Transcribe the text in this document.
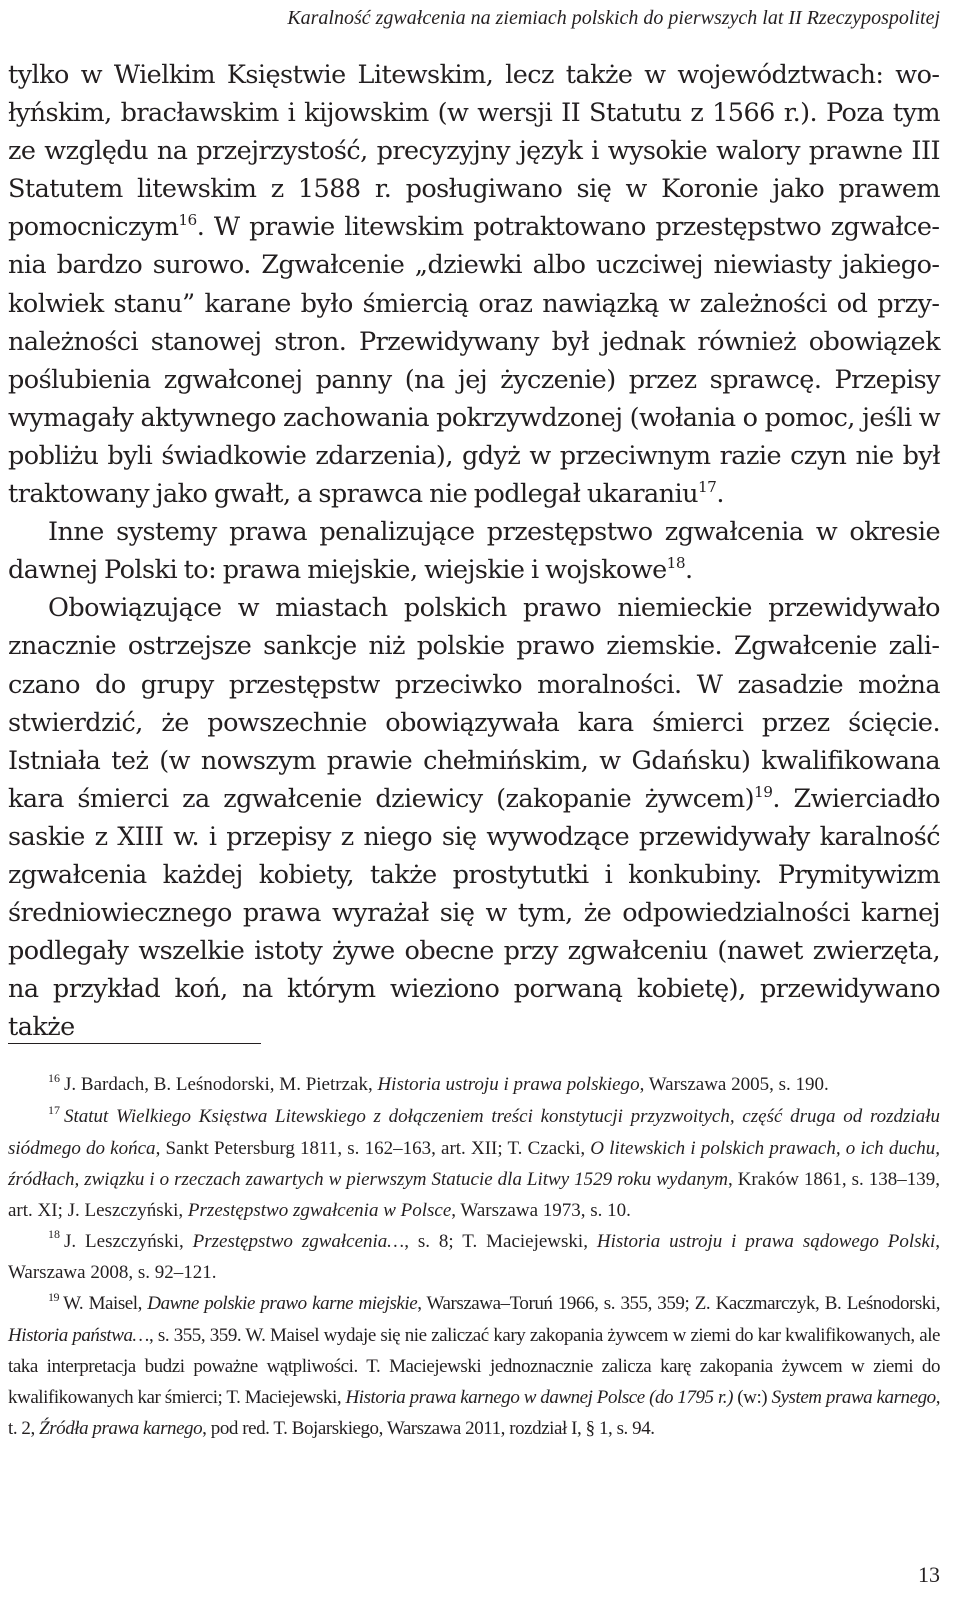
Karalność zgwałcenia na ziemiach polskich do pierwszych lat II Rzeczypospolitej

tylko w Wielkim Księstwie Litewskim, lecz także w województwach: wołyńskim, bracławskim i kijowskim (w wersji II Statutu z 1566 r.). Poza tym ze względu na przejrzystość, precyzyjny język i wysokie walory prawne III Statutem litewskim z 1588 r. posługiwano się w Koronie jako prawem pomocniczym$^{16}$. W prawie litewskim potraktowano przestępstwo zgwałcenia bardzo surowo. Zgwałcenie „dziewki albo uczciwej niewiasty jakiegokolwiek stanu” karane było śmiercią oraz nawiązką w zależności od przynależności stanowej stron. Przewidywany był jednak również obowiązek poślubienia zgwałconej panny (na jej życzenie) przez sprawcę. Przepisy wymagały aktywnego zachowania pokrzywdzonej (wołania o pomoc, jeśli w pobliżu byli świadkowie zdarzenia), gdyż w przeciwnym razie czyn nie był traktowany jako gwałt, a sprawca nie podlegał ukaraniu$^{17}$.

Inne systemy prawa penalizujące przestępstwo zgwałcenia w okresie dawnej Polski to: prawa miejskie, wiejskie i wojskowe$^{18}$.

Obowiązujące w miastach polskich prawo niemieckie przewidywało znacznie ostrzejsze sankcje niż polskie prawo ziemskie. Zgwałcenie zaliczano do grupy przestępstw przeciwko moralności. W zasadzie można stwierdzić, że powszechnie obowiązywała kara śmierci przez ścięcie. Istniała też (w nowszym prawie chełmińskim, w Gdańsku) kwalifikowana kara śmierci za zgwałcenie dziewicy (zakopanie żywcem)$^{19}$. Zwierciadło saskie z XIII w. i przepisy z niego się wywodzące przewidywały karalność zgwałcenia każdej kobiety, także prostytutki i konkubiny. Prymitywizm średniowiecznego prawa wyrażał się w tym, że odpowiedzialności karnej podlegały wszelkie istoty żywe obecne przy zgwałceniu (nawet zwierzęta, na przykład koń, na którym wieziono porwaną kobietę), przewidywano także

$^{16}$ J. Bardach, B. Leśnodorski, M. Pietrzak, Historia ustroju i prawa polskiego, Warszawa 2005, s. 190.

$^{17}$ Statut Wielkiego Księstwa Litewskiego z dołączeniem treści konstytucji przyzwoitych, część druga od rozdziału siódmego do końca, Sankt Petersburg 1811, s. 162–163, art. XII; T. Czacki, O litewskich i polskich prawach, o ich duchu, źródłach, związku i o rzeczach zawartych w pierwszym Statucie dla Litwy 1529 roku wydanym, Kraków 1861, s. 138–139, art. XI; J. Leszczyński, Przestępstwo zgwałcenia w Polsce, Warszawa 1973, s. 10.

$^{18}$ J. Leszczyński, Przestępstwo zgwałcenia…, s. 8; T. Maciejewski, Historia ustroju i prawa sądowego Polski, Warszawa 2008, s. 92–121.

$^{19}$ W. Maisel, Dawne polskie prawo karne miejskie, Warszawa–Toruń 1966, s. 355, 359; Z. Kaczmarczyk, B. Leśnodorski, Historia państwa…, s. 355, 359. W. Maisel wydaje się nie zaliczać kary zakopania żywcem w ziemi do kar kwalifikowanych, ale taka interpretacja budzi poważne wątpliwości. T. Maciejewski jednoznacznie zalicza karę zakopania żywcem w ziemi do kwalifikowanych kar śmierci; T. Maciejewski, Historia prawa karnego w dawnej Polsce (do 1795 r.) (w:) System prawa karnego, t. 2, Źródła prawa karnego, pod red. T. Bojarskiego, Warszawa 2011, rozdział I, § 1, s. 94.

13
